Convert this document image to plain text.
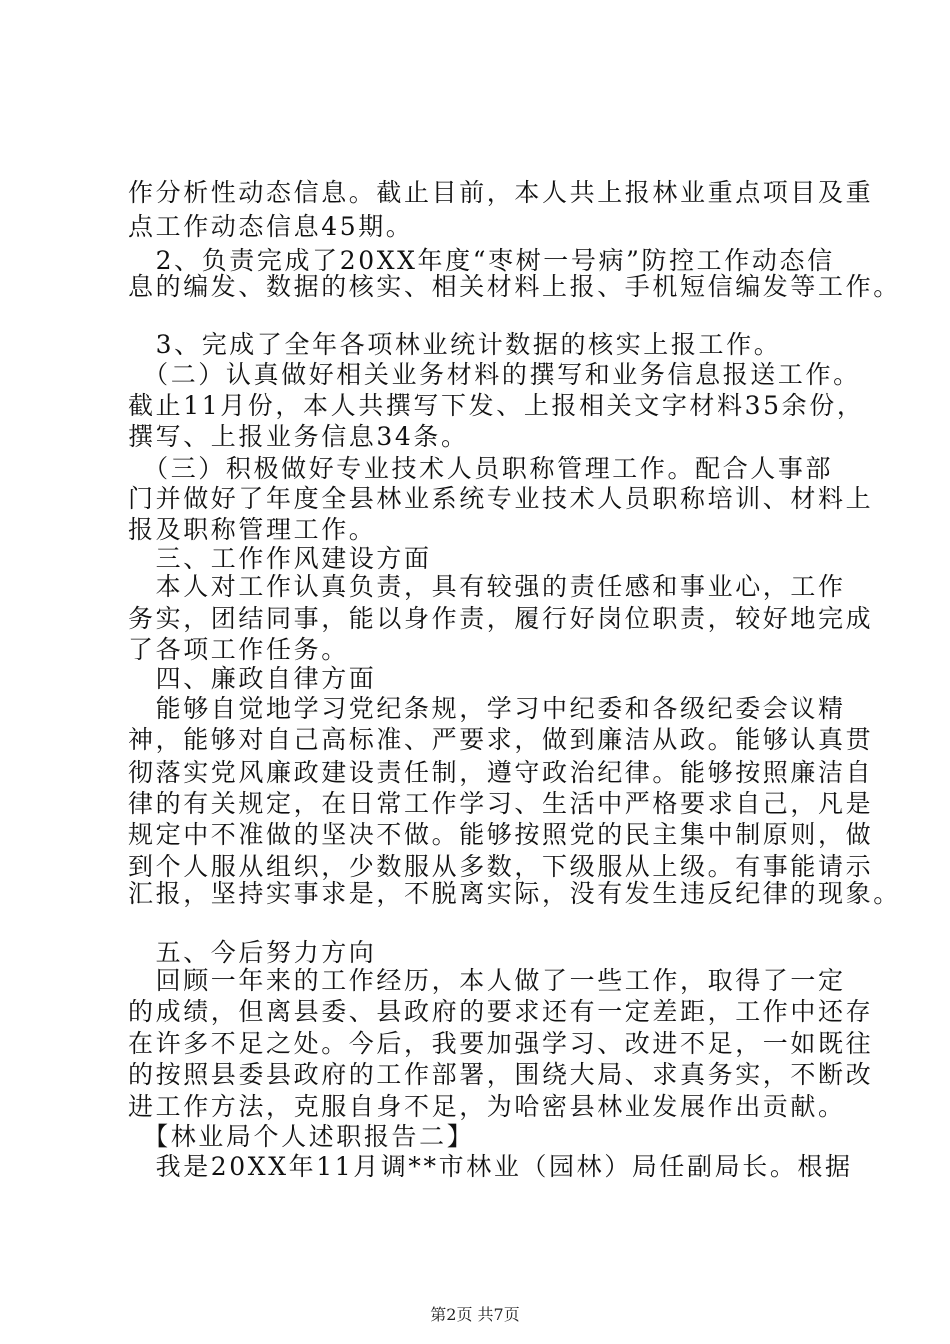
作分析性动态信息。截止目前，本人共上报林业重点项目及重
点工作动态信息45期。
　2、负责完成了20XX年度“枣树一号病”防控工作动态信
息的编发、数据的核实、相关材料上报、手机短信编发等工作。
　3、完成了全年各项林业统计数据的核实上报工作。
　（二）认真做好相关业务材料的撰写和业务信息报送工作。
截止11月份，本人共撰写下发、上报相关文字材料35余份，
撰写、上报业务信息34条。
　（三）积极做好专业技术人员职称管理工作。配合人事部
门并做好了年度全县林业系统专业技术人员职称培训、材料上
报及职称管理工作。
　三、工作作风建设方面
　本人对工作认真负责，具有较强的责任感和事业心，工作
务实，团结同事，能以身作责，履行好岗位职责，较好地完成
了各项工作任务。
　四、廉政自律方面
　能够自觉地学习党纪条规，学习中纪委和各级纪委会议精
神，能够对自己高标准、严要求，做到廉洁从政。能够认真贯
彻落实党风廉政建设责任制，遵守政治纪律。能够按照廉洁自
律的有关规定，在日常工作学习、生活中严格要求自己，凡是
规定中不准做的坚决不做。能够按照党的民主集中制原则，做
到个人服从组织，少数服从多数，下级服从上级。有事能请示
汇报，坚持实事求是，不脱离实际，没有发生违反纪律的现象。
　五、今后努力方向
　回顾一年来的工作经历，本人做了一些工作，取得了一定
的成绩，但离县委、县政府的要求还有一定差距，工作中还存
在许多不足之处。今后，我要加强学习、改进不足，一如既往
的按照县委县政府的工作部署，围绕大局、求真务实，不断改
进工作方法，克服自身不足，为哈密县林业发展作出贡献。
　【林业局个人述职报告二】
　我是20XX年11月调**市林业（园林）局任副局长。根据
第2页 共7页
